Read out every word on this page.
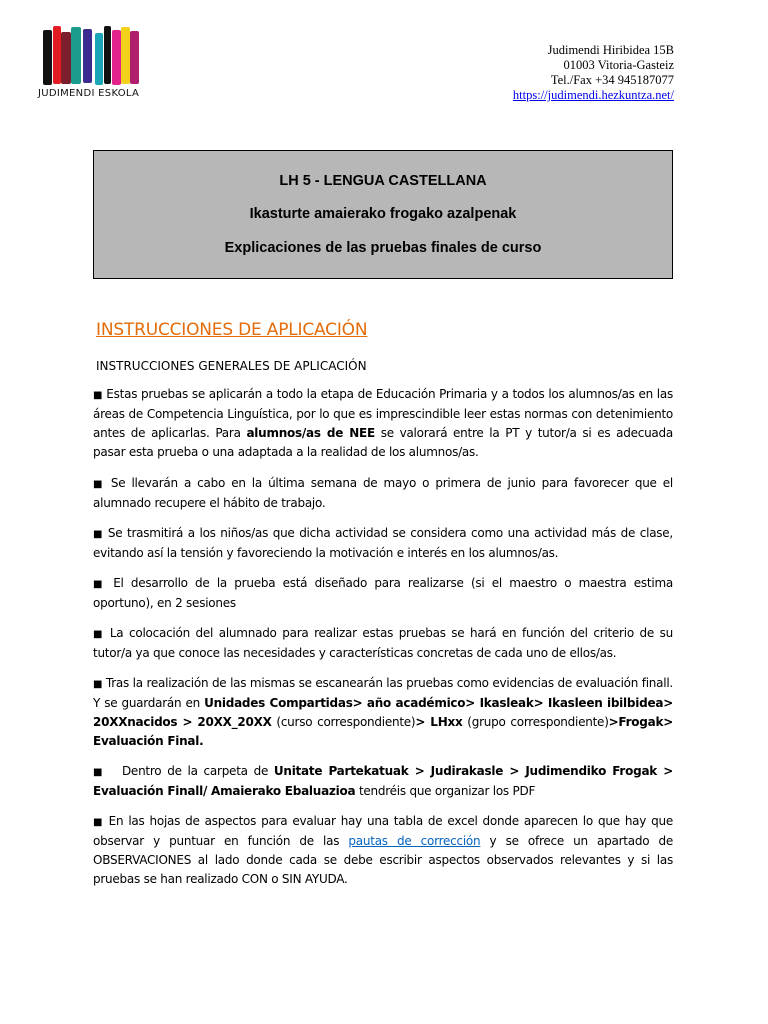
JUDIMENDI ESKOLA
Judimendi Hiribidea 15B
01003 Vitoria-Gasteiz
Tel./Fax +34 945187077
https://judimendi.hezkuntza.net/
LH 5 - LENGUA CASTELLANA
Ikasturte amaierako frogako azalpenak
Explicaciones de las pruebas finales de curso
INSTRUCCIONES DE APLICACIÓN
INSTRUCCIONES GENERALES DE APLICACIÓN

■ Estas pruebas se aplicarán a todo la etapa de Educación Primaria y a todos los alumnos/as en las áreas de Competencia Linguística, por lo que es imprescindible leer estas normas con detenimiento antes de aplicarlas. Para alumnos/as de NEE se valorará entre la PT y tutor/a si es adecuada pasar esta prueba o una adaptada a la realidad de los alumnos/as.

■ Se llevarán a cabo en la última semana de mayo o primera de junio para favorecer que el alumnado recupere el hábito de trabajo.

■ Se trasmitirá a los niños/as que dicha actividad se considera como una actividad más de clase, evitando así la tensión y favoreciendo la motivación e interés en los alumnos/as.

■ El desarrollo de la prueba está diseñado para realizarse (si el maestro o maestra estima oportuno), en 2 sesiones

■ La colocación del alumnado para realizar estas pruebas se hará en función del criterio de su tutor/a ya que conoce las necesidades y características concretas de cada uno de ellos/as.

■ Tras la realización de las mismas se escanearán las pruebas como evidencias de evaluación finall. Y se guardarán en Unidades Compartidas> año académico> Ikasleak> Ikasleen ibilbidea> 20XXnacidos > 20XX_20XX (curso correspondiente)> LHxx (grupo correspondiente)>Frogak> Evaluación Final.

■   Dentro de la carpeta de Unitate Partekatuak > Judirakasle > Judimendiko Frogak > Evaluación Finall/ Amaierako Ebaluazioa tendréis que organizar los PDF

■ En las hojas de aspectos para evaluar hay una tabla de excel donde aparecen lo que hay que observar y puntuar en función de las pautas de corrección y se ofrece un apartado de OBSERVACIONES al lado donde cada se debe escribir aspectos observados relevantes y si las pruebas se han realizado CON o SIN AYUDA.
